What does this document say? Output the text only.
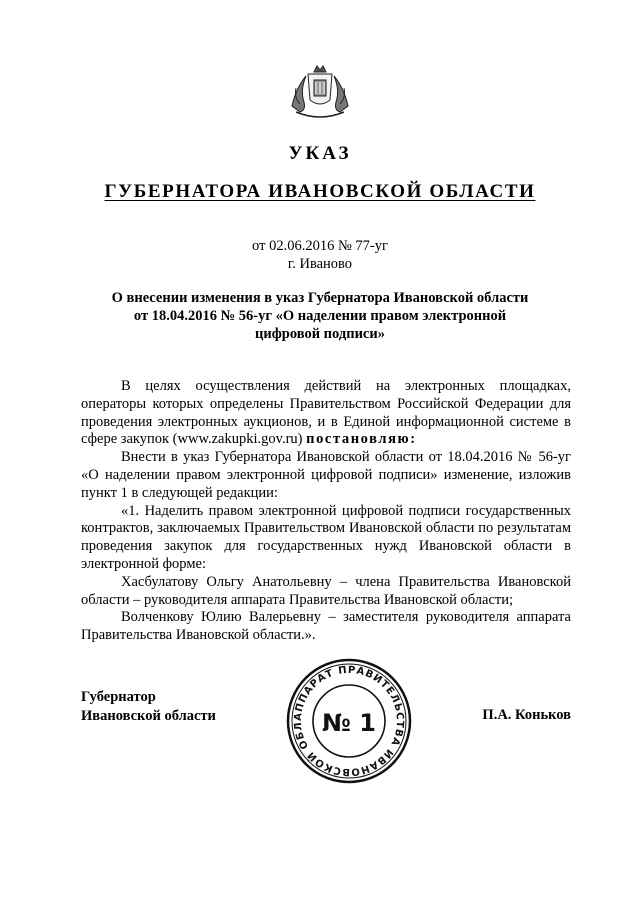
УКАЗ
ГУБЕРНАТОРА ИВАНОВСКОЙ ОБЛАСТИ
от 02.06.2016 № 77-уг
г. Иваново
О внесении изменения в указ Губернатора Ивановской области
от 18.04.2016 № 56-уг «О наделении правом электронной
цифровой подписи»

В целях осуществления действий на электронных площадках, операторы которых определены Правительством Российской Федерации для проведения электронных аукционов, и в Единой информационной системе в сфере закупок (www.zakupki.gov.ru) постановляю:

Внести в указ Губернатора Ивановской области от 18.04.2016 № 56-уг «О наделении правом электронной цифровой подписи» изменение, изложив пункт 1 в следующей редакции:

«1. Наделить правом электронной цифровой подписи государственных контрактов, заключаемых Правительством Ивановской области по результатам проведения закупок для государственных нужд Ивановской области в электронной форме:

Хасбулатову Ольгу Анатольевну – члена Правительства Ивановской области – руководителя аппарата Правительства Ивановской области;

Волченкову Юлию Валерьевну – заместителя руководителя аппарата Правительства Ивановской области.».

Губернатор
Ивановской области	АППАРАТ ПРАВИТЕЛЬСТВА ИВАНОВСКОЙ ОБЛ № 1	П.А. Коньков
